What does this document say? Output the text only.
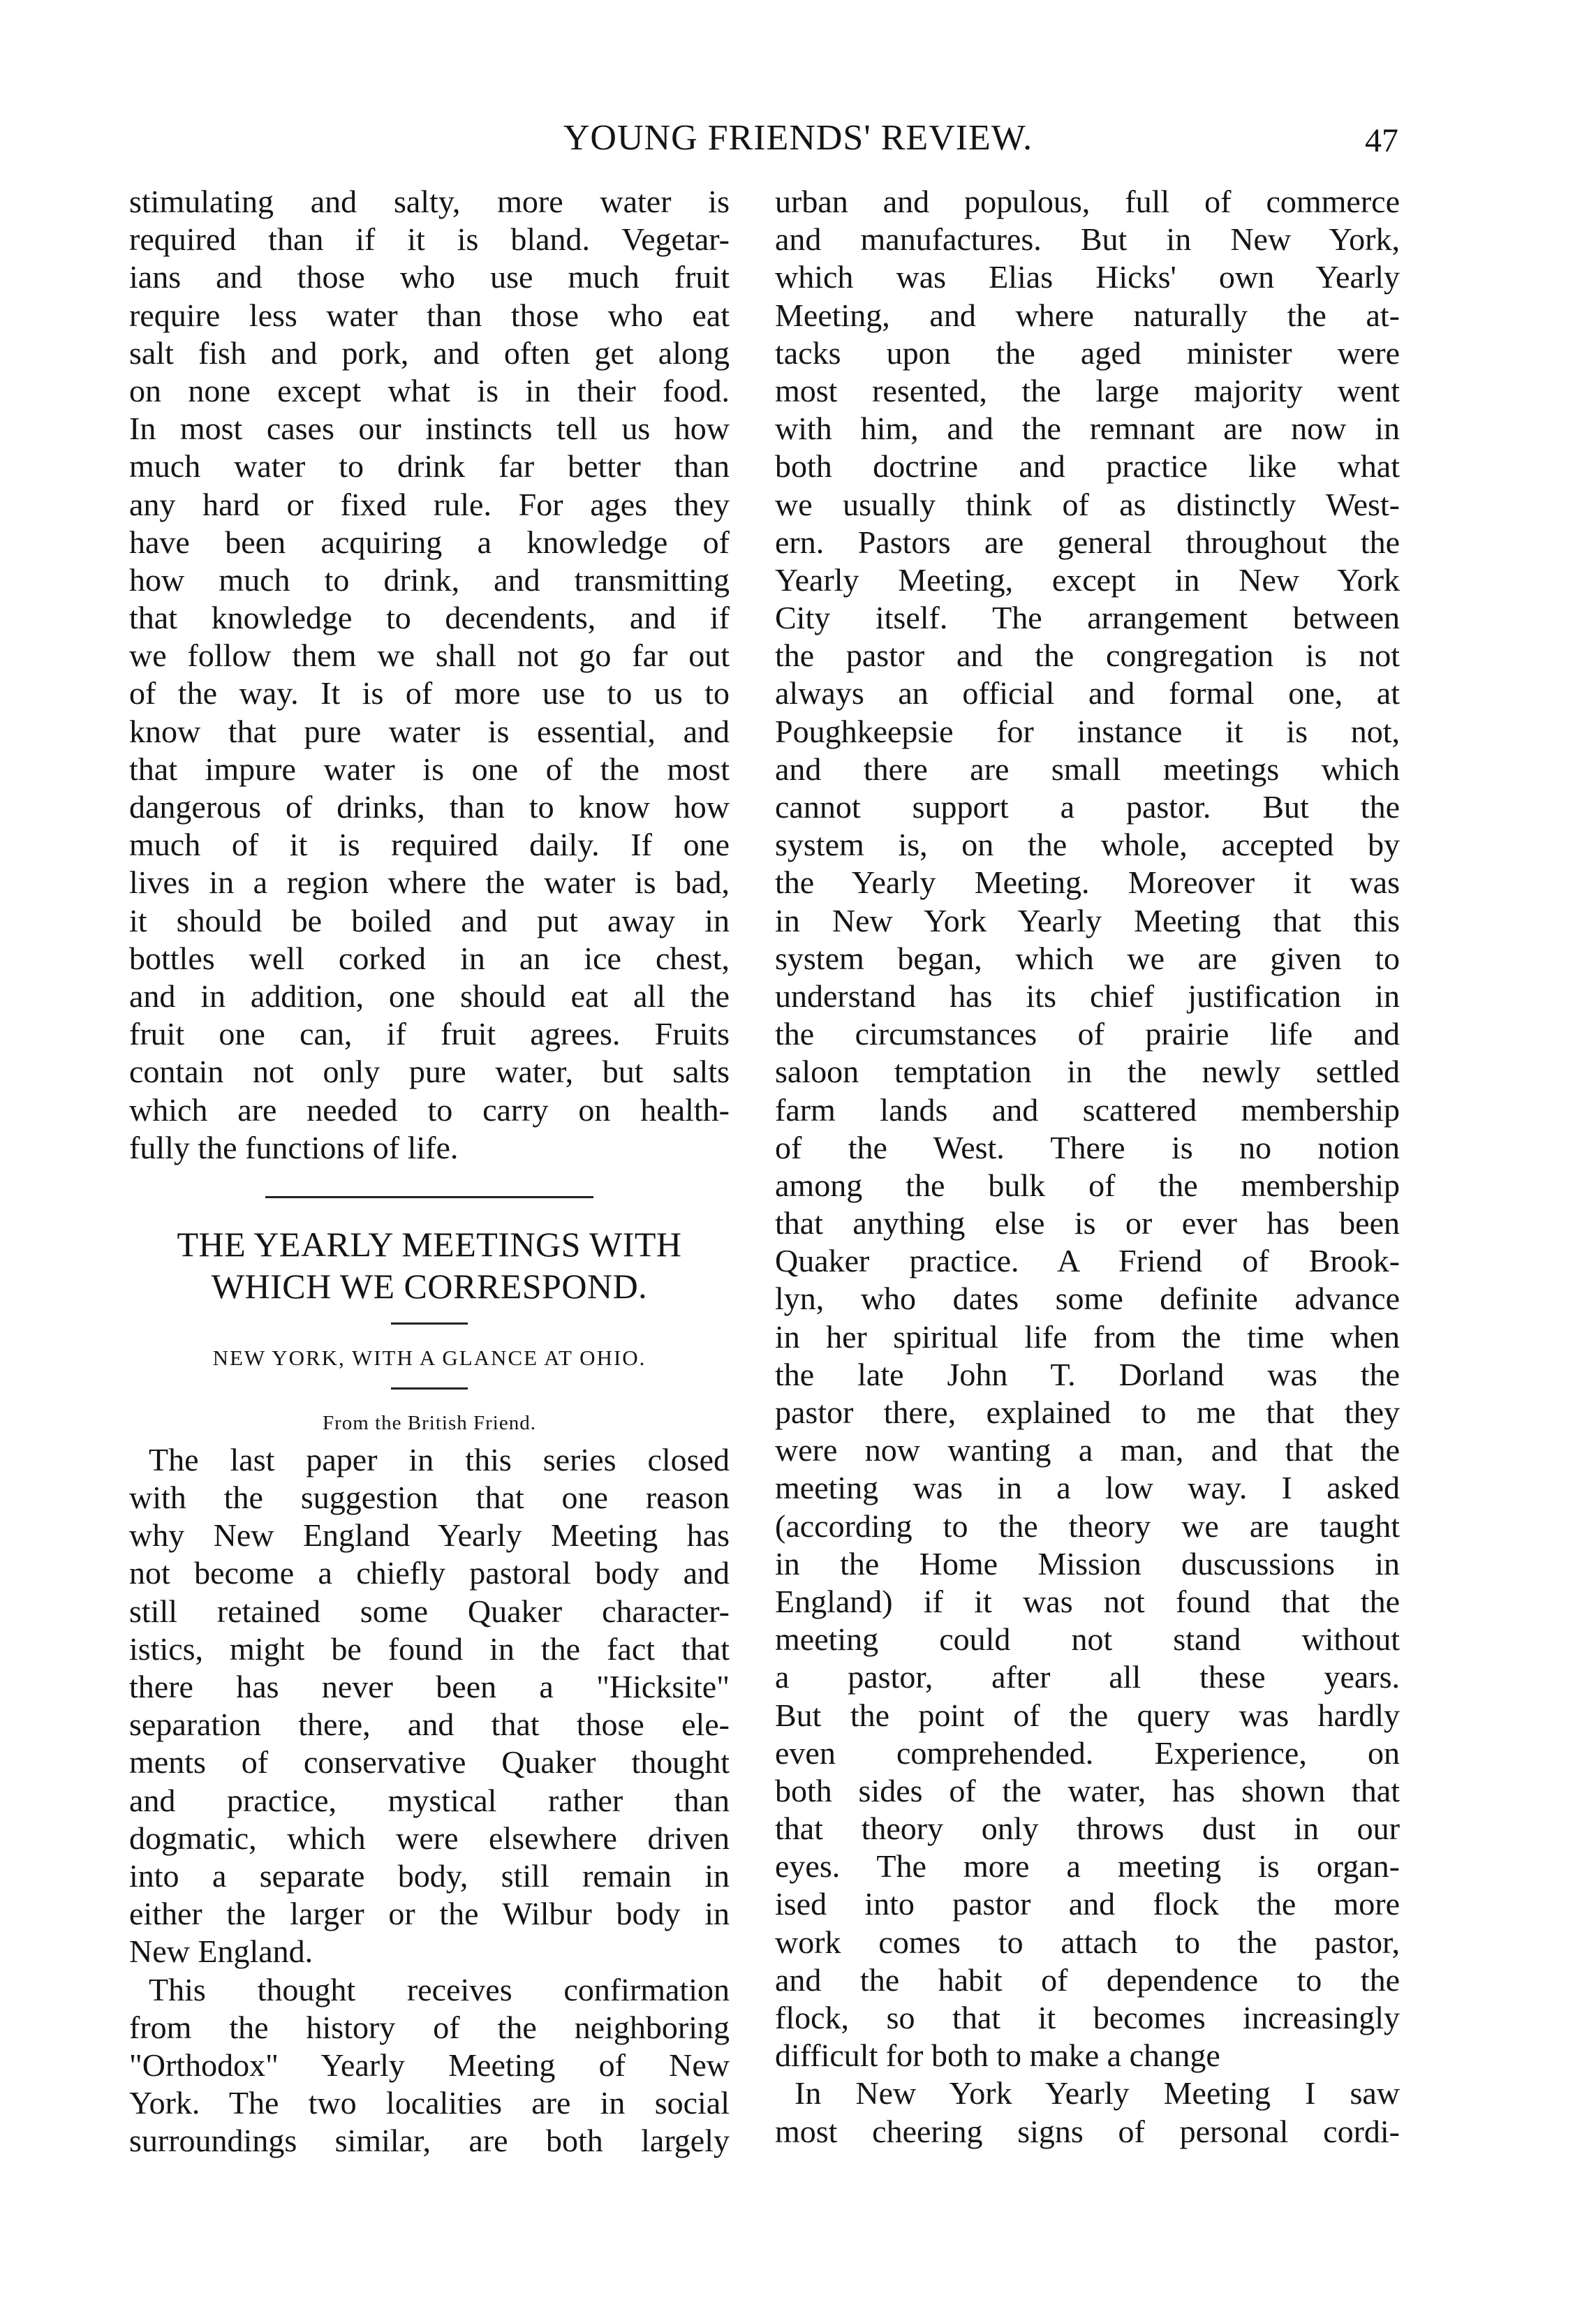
YOUNG FRIENDS' REVIEW.	47
stimulating and salty, more water is
required than if it is bland. Vegetar-
ians and those who use much fruit
require less water than those who eat
salt fish and pork, and often get along
on none except what is in their food.
In most cases our instincts tell us how
much water to drink far better than
any hard or fixed rule. For ages they
have been acquiring a knowledge of
how much to drink, and transmitting
that knowledge to decendents, and if
we follow them we shall not go far out
of the way. It is of more use to us to
know that pure water is essential, and
that impure water is one of the most
dangerous of drinks, than to know how
much of it is required daily. If one
lives in a region where the water is bad,
it should be boiled and put away in
bottles well corked in an ice chest,
and in addition, one should eat all the
fruit one can, if fruit agrees. Fruits
contain not only pure water, but salts
which are needed to carry on health-
fully the functions of life.
THE YEARLY MEETINGS WITH
WHICH WE CORRESPOND.
NEW YORK, WITH A GLANCE AT OHIO.
From the British Friend.
The last paper in this series closed
with the suggestion that one reason
why New England Yearly Meeting has
not become a chiefly pastoral body and
still retained some Quaker character-
istics, might be found in the fact that
there has never been a "Hicksite"
separation there, and that those ele-
ments of conservative Quaker thought
and practice, mystical rather than
dogmatic, which were elsewhere driven
into a separate body, still remain in
either the larger or the Wilbur body in
New England.
This thought receives confirmation
from the history of the neighboring
"Orthodox" Yearly Meeting of New
York. The two localities are in social
surroundings similar, are both largely
urban and populous, full of commerce
and manufactures. But in New York,
which was Elias Hicks' own Yearly
Meeting, and where naturally the at-
tacks upon the aged minister were
most resented, the large majority went
with him, and the remnant are now in
both doctrine and practice like what
we usually think of as distinctly West-
ern. Pastors are general throughout the
Yearly Meeting, except in New York
City itself. The arrangement between
the pastor and the congregation is not
always an official and formal one, at
Poughkeepsie for instance it is not,
and there are small meetings which
cannot support a pastor. But the
system is, on the whole, accepted by
the Yearly Meeting. Moreover it was
in New York Yearly Meeting that this
system began, which we are given to
understand has its chief justification in
the circumstances of prairie life and
saloon temptation in the newly settled
farm lands and scattered membership
of the West. There is no notion
among the bulk of the membership
that anything else is or ever has been
Quaker practice. A Friend of Brook-
lyn, who dates some definite advance
in her spiritual life from the time when
the late John T. Dorland was the
pastor there, explained to me that they
were now wanting a man, and that the
meeting was in a low way. I asked
(according to the theory we are taught
in the Home Mission duscussions in
England) if it was not found that the
meeting could not stand without
a pastor, after all these years.
But the point of the query was hardly
even comprehended. Experience, on
both sides of the water, has shown that
that theory only throws dust in our
eyes. The more a meeting is organ-
ised into pastor and flock the more
work comes to attach to the pastor,
and the habit of dependence to the
flock, so that it becomes increasingly
difficult for both to make a change
In New York Yearly Meeting I saw
most cheering signs of personal cordi-
